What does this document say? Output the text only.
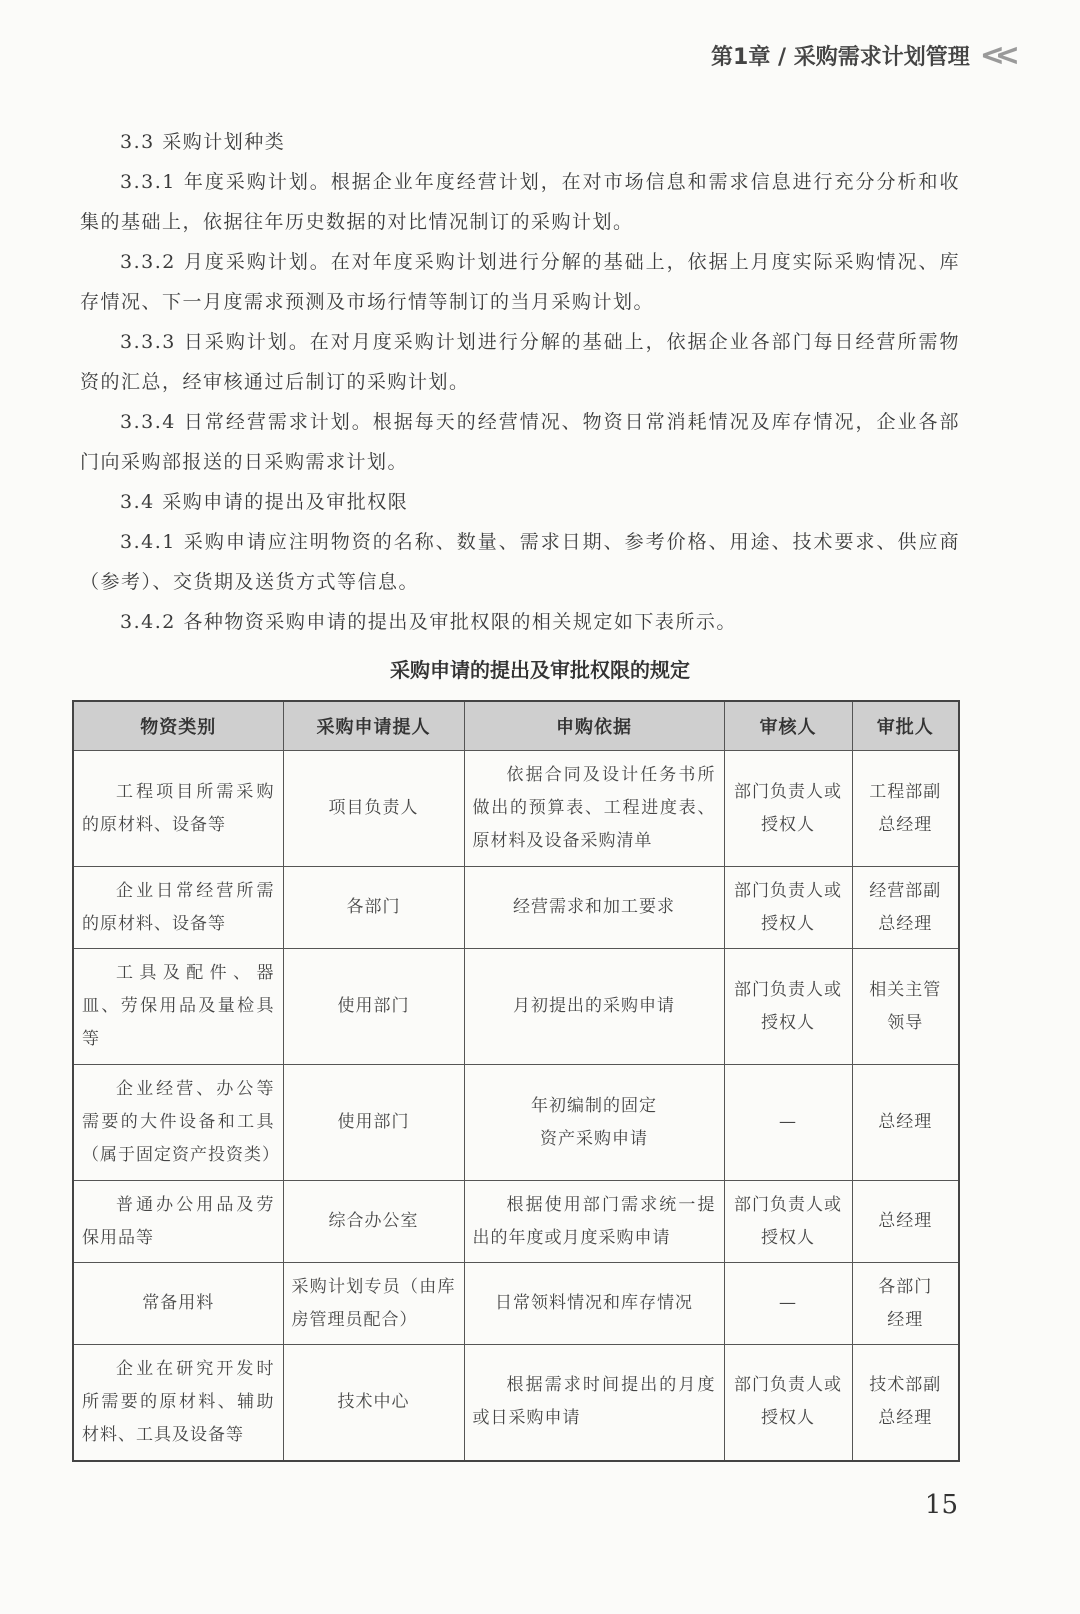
第1章 / 采购需求计划管理 <<

3.3 采购计划种类

3.3.1 年度采购计划。根据企业年度经营计划，在对市场信息和需求信息进行充分分析和收集的基础上，依据往年历史数据的对比情况制订的采购计划。

3.3.2 月度采购计划。在对年度采购计划进行分解的基础上，依据上月度实际采购情况、库存情况、下一月度需求预测及市场行情等制订的当月采购计划。

3.3.3 日采购计划。在对月度采购计划进行分解的基础上，依据企业各部门每日经营所需物资的汇总，经审核通过后制订的采购计划。

3.3.4 日常经营需求计划。根据每天的经营情况、物资日常消耗情况及库存情况，企业各部门向采购部报送的日采购需求计划。

3.4 采购申请的提出及审批权限

3.4.1 采购申请应注明物资的名称、数量、需求日期、参考价格、用途、技术要求、供应商（参考）、交货期及送货方式等信息。

3.4.2 各种物资采购申请的提出及审批权限的相关规定如下表所示。

采购申请的提出及审批权限的规定
物资类别	采购申请提人	申购依据	审核人	审批人
工程项目所需采购的原材料、设备等	项目负责人	依据合同及设计任务书所做出的预算表、工程进度表、原材料及设备采购清单	部门负责人或授权人	工程部副总经理
企业日常经营所需的原材料、设备等	各部门	经营需求和加工要求	部门负责人或授权人	经营部副总经理
工具及配件、器皿、劳保用品及量检具等	使用部门	月初提出的采购申请	部门负责人或授权人	相关主管领导
企业经营、办公等需要的大件设备和工具（属于固定资产投资类）	使用部门	年初编制的固定资产采购申请	—	总经理
普通办公用品及劳保用品等	综合办公室	根据使用部门需求统一提出的年度或月度采购申请	部门负责人或授权人	总经理
常备用料	采购计划专员（由库房管理员配合）	日常领料情况和库存情况	—	各部门经理
企业在研究开发时所需要的原材料、辅助材料、工具及设备等	技术中心	根据需求时间提出的月度或日采购申请	部门负责人或授权人	技术部副总经理
15
